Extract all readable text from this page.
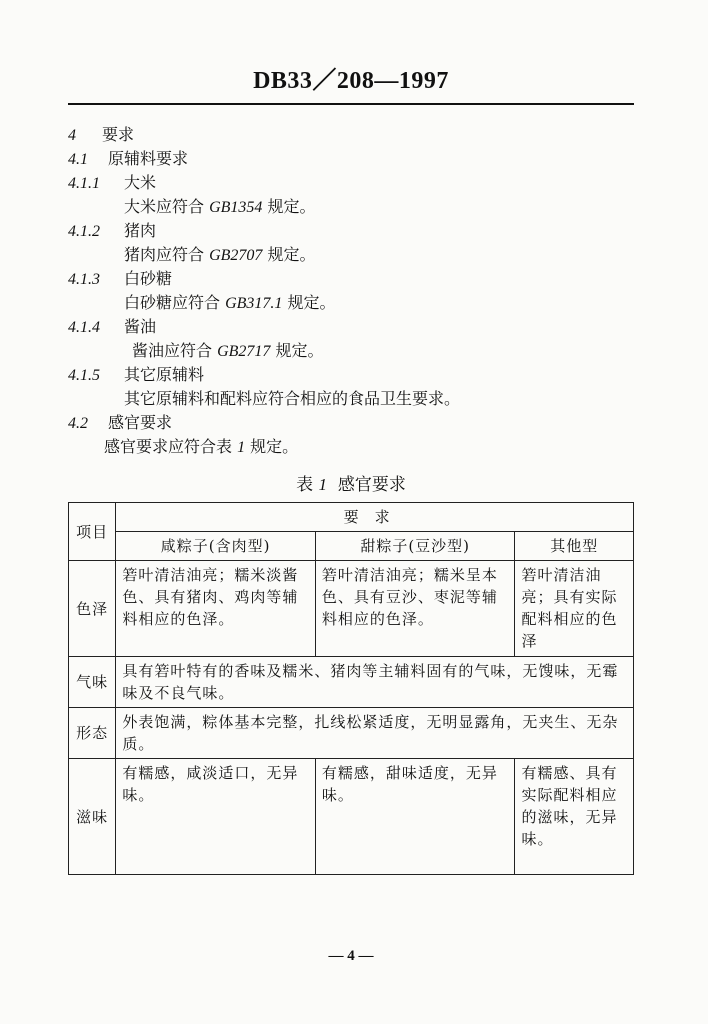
DB33／208—1997
4 要求
4.1 原辅料要求
4.1.1 大米
大米应符合 GB1354 规定。
4.1.2 猪肉
猪肉应符合 GB2707 规定。
4.1.3 白砂糖
白砂糖应符合 GB317.1 规定。
4.1.4 酱油
酱油应符合 GB2717 规定。
4.1.5 其它原辅料
其它原辅料和配料应符合相应的食品卫生要求。
4.2 感官要求
感官要求应符合表 1 规定。
表 1  感官要求
项目	要求		
	咸粽子(含肉型)	甜粽子(豆沙型)	其他型
色泽	箬叶清洁油亮；糯米淡酱色、具有猪肉、鸡肉等辅料相应的色泽。	箬叶清洁油亮；糯米呈本色、具有豆沙、枣泥等辅料相应的色泽。	箬叶清洁油亮；具有实际配料相应的色泽
气味	具有箬叶特有的香味及糯米、猪肉等主辅料固有的气味，无馊味，无霉味及不良气味。		
形态	外表饱满，粽体基本完整，扎线松紧适度，无明显露角，无夹生、无杂质。		
滋味	有糯感，咸淡适口，无异味。	有糯感，甜味适度，无异味。	有糯感、具有实际配料相应的滋味，无异味。
— 4 —
